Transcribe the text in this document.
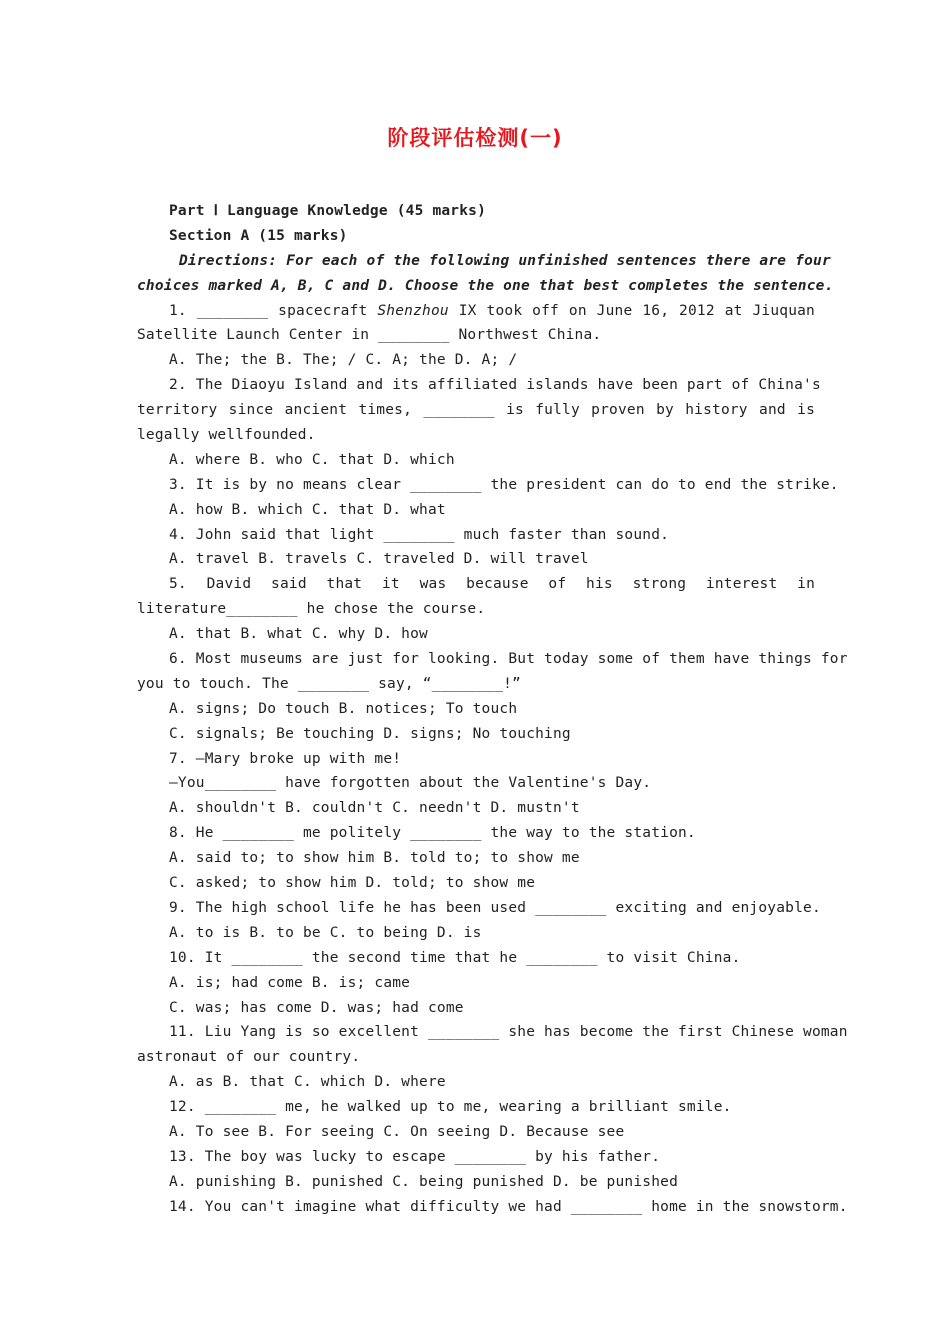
阶段评估检测(一)
Part Ⅰ Language Knowledge (45 marks)
Section A (15 marks)
Directions: For each of the following unfinished sentences there are four
choices marked A, B, C and D. Choose the one that best completes the sentence.
1. ________ spacecraft Shenzhou IX took off on June 16, 2012 at Jiuquan
Satellite Launch Center in ________ Northwest China.
A. The; the B. The; / C. A; the D. A; /
2. The Diaoyu Island and its affiliated islands have been part of China's
territory since ancient times, ________ is fully proven by history and is
legally wellfounded.
A. where B. who C. that D. which
3. It is by no means clear ________ the president can do to end the strike.
A. how B. which C. that D. what
4. John said that light ________ much faster than sound.
A. travel B. travels C. traveled D. will travel
5. David said that it was because of his strong interest in
literature________ he chose the course.
A. that B. what C. why D. how
6. Most museums are just for looking. But today some of them have things for
you to touch. The ________ say, “________!”
A. signs; Do touch B. notices; To touch
C. signals; Be touching D. signs; No touching
7. —Mary broke up with me!
—You________ have forgotten about the Valentine's Day.
A. shouldn't B. couldn't C. needn't D. mustn't
8. He ________ me politely ________ the way to the station.
A. said to; to show him B. told to; to show me
C. asked; to show him D. told; to show me
9. The high school life he has been used ________ exciting and enjoyable.
A. to is B. to be C. to being D. is
10. It ________ the second time that he ________ to visit China.
A. is; had come B. is; came
C. was; has come D. was; had come
11. Liu Yang is so excellent ________ she has become the first Chinese woman
astronaut of our country.
A. as B. that C. which D. where
12. ________ me, he walked up to me, wearing a brilliant smile.
A. To see B. For seeing C. On seeing D. Because see
13. The boy was lucky to escape ________ by his father.
A. punishing B. punished C. being punished D. be punished
14. You can't imagine what difficulty we had ________ home in the snowstorm.
